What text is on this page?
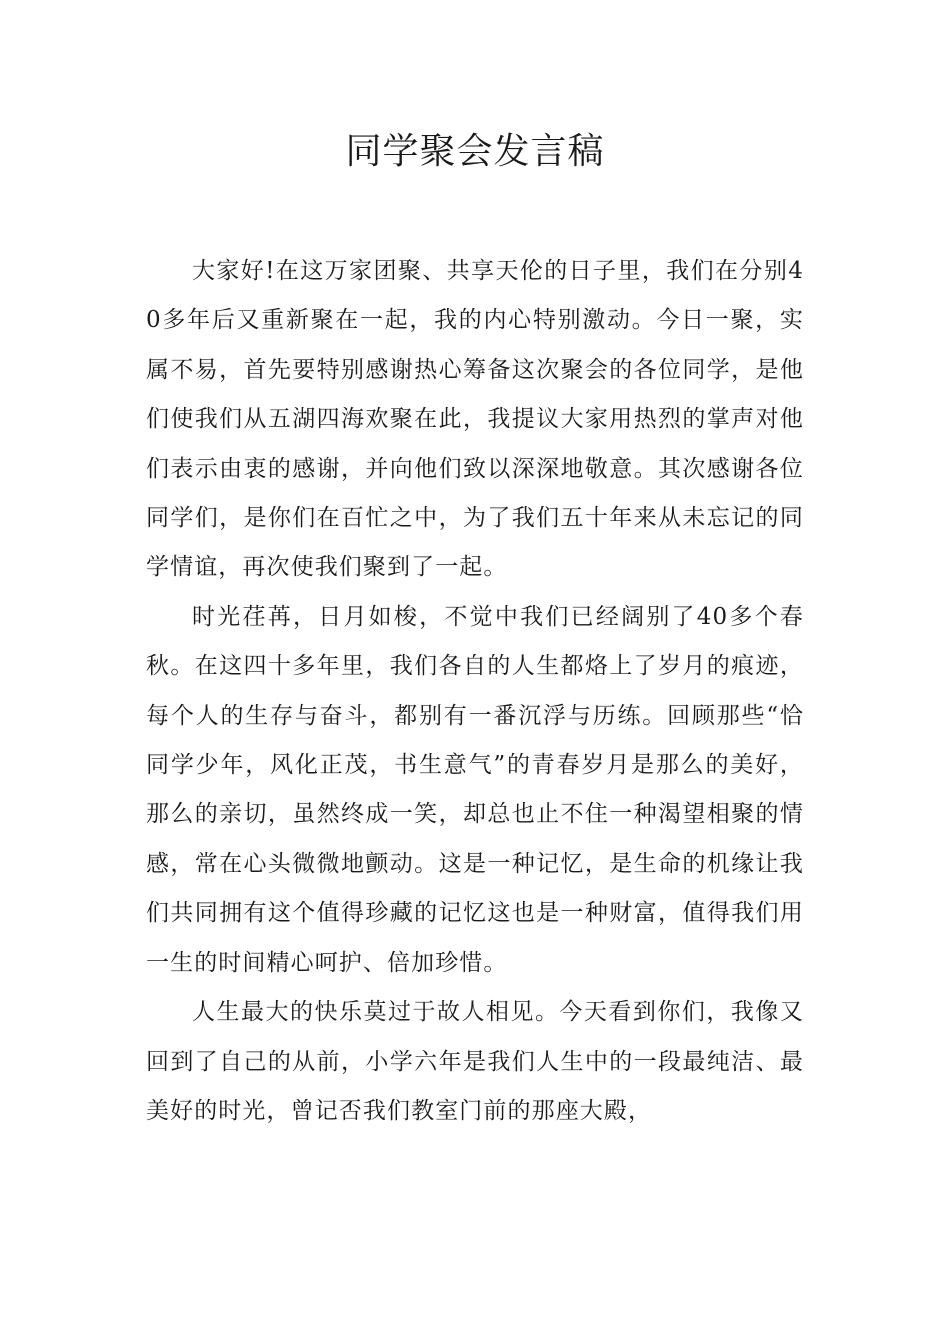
同学聚会发言稿

大家好!在这万家团聚、共享天伦的日子里，我们在分别40多年后又重新聚在一起，我的内心特别激动。今日一聚，实属不易，首先要特别感谢热心筹备这次聚会的各位同学，是他们使我们从五湖四海欢聚在此，我提议大家用热烈的掌声对他们表示由衷的感谢，并向他们致以深深地敬意。其次感谢各位同学们，是你们在百忙之中，为了我们五十年来从未忘记的同学情谊，再次使我们聚到了一起。

时光荏苒，日月如梭，不觉中我们已经阔别了40多个春秋。在这四十多年里，我们各自的人生都烙上了岁月的痕迹，每个人的生存与奋斗，都别有一番沉浮与历练。回顾那些“恰同学少年，风化正茂，书生意气”的青春岁月是那么的美好，那么的亲切，虽然终成一笑，却总也止不住一种渴望相聚的情感，常在心头微微地颤动。这是一种记忆，是生命的机缘让我们共同拥有这个值得珍藏的记忆这也是一种财富，值得我们用一生的时间精心呵护、倍加珍惜。

人生最大的快乐莫过于故人相见。今天看到你们，我像又回到了自己的从前，小学六年是我们人生中的一段最纯洁、最美好的时光，曾记否我们教室门前的那座大殿，
